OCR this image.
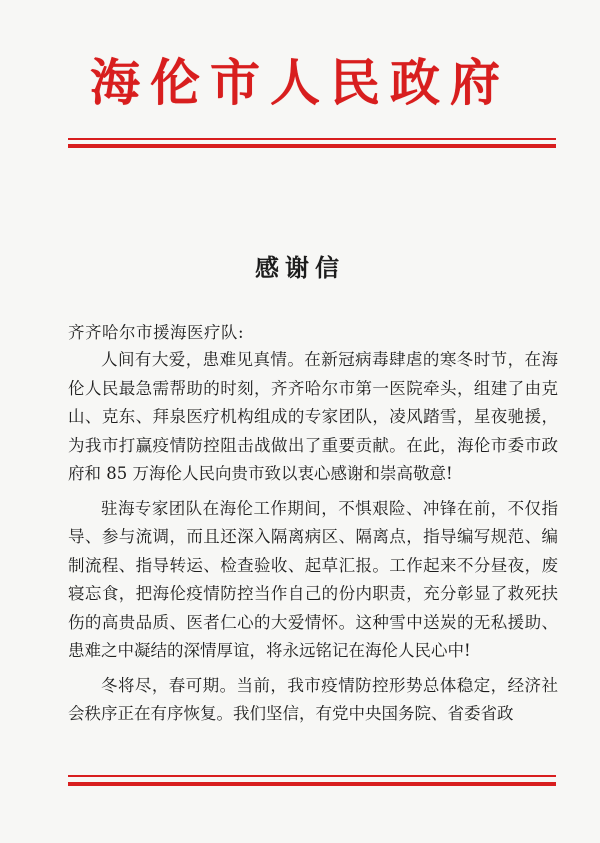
海伦市人民政府
感谢信
齐齐哈尔市援海医疗队:

人间有大爱，患难见真情。在新冠病毒肆虐的寒冬时节，在海伦人民最急需帮助的时刻，齐齐哈尔市第一医院牵头，组建了由克山、克东、拜泉医疗机构组成的专家团队，凌风踏雪，星夜驰援，为我市打赢疫情防控阻击战做出了重要贡献。在此，海伦市委市政府和 85 万海伦人民向贵市致以衷心感谢和崇高敬意!

驻海专家团队在海伦工作期间，不惧艰险、冲锋在前，不仅指导、参与流调，而且还深入隔离病区、隔离点，指导编写规范、编制流程、指导转运、检查验收、起草汇报。工作起来不分昼夜，废寝忘食，把海伦疫情防控当作自己的份内职责，充分彰显了救死扶伤的高贵品质、医者仁心的大爱情怀。这种雪中送炭的无私援助、患难之中凝结的深情厚谊，将永远铭记在海伦人民心中!

冬将尽，春可期。当前，我市疫情防控形势总体稳定，经济社会秩序正在有序恢复。我们坚信，有党中央国务院、省委省政
